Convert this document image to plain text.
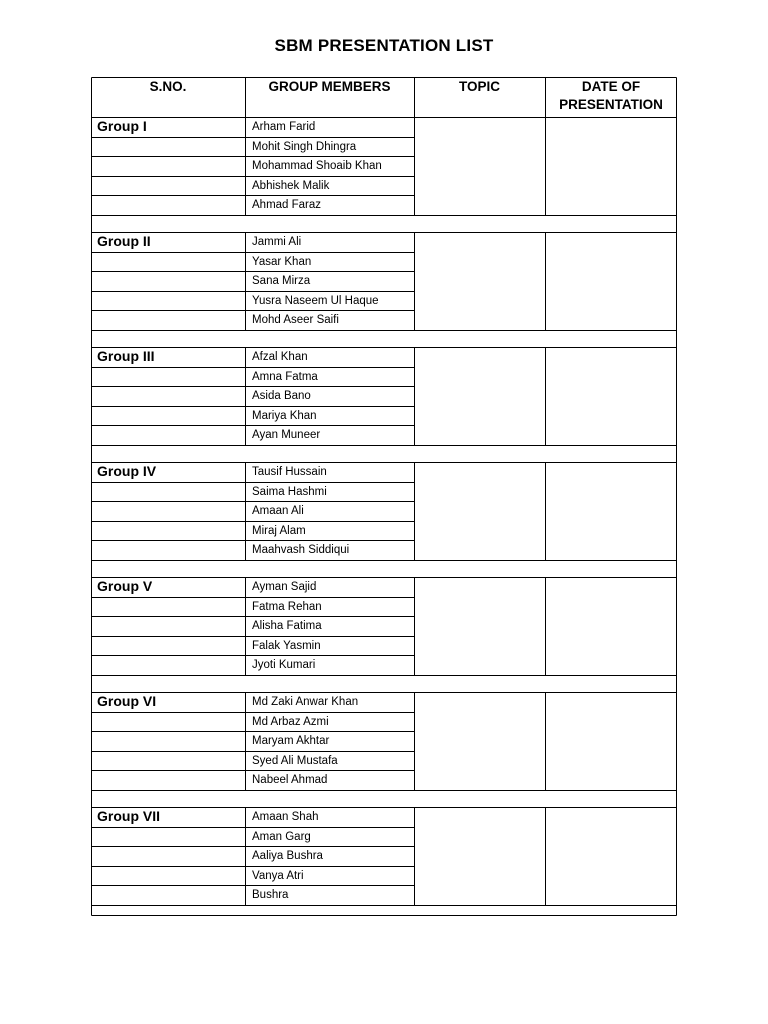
SBM PRESENTATION LIST
S.NO.	GROUP MEMBERS	TOPIC	DATE OF PRESENTATION
Group I	Arham Farid
Mohit Singh Dhingra
Mohammad Shoaib Khan
Abhishek Malik
Ahmad Faraz
Group II	Jammi Ali
Yasar Khan
Sana Mirza
Yusra Naseem Ul Haque
Mohd Aseer Saifi
Group III	Afzal Khan
Amna Fatma
Asida Bano
Mariya Khan
Ayan Muneer
Group IV	Tausif Hussain
Saima Hashmi
Amaan Ali
Miraj Alam
Maahvash Siddiqui
Group V	Ayman Sajid
Fatma Rehan
Alisha Fatima
Falak Yasmin
Jyoti Kumari
Group VI	Md Zaki Anwar Khan
Md Arbaz Azmi
Maryam Akhtar
Syed Ali Mustafa
Nabeel Ahmad
Group VII	Amaan Shah
Aman Garg
Aaliya Bushra
Vanya Atri
Bushra
